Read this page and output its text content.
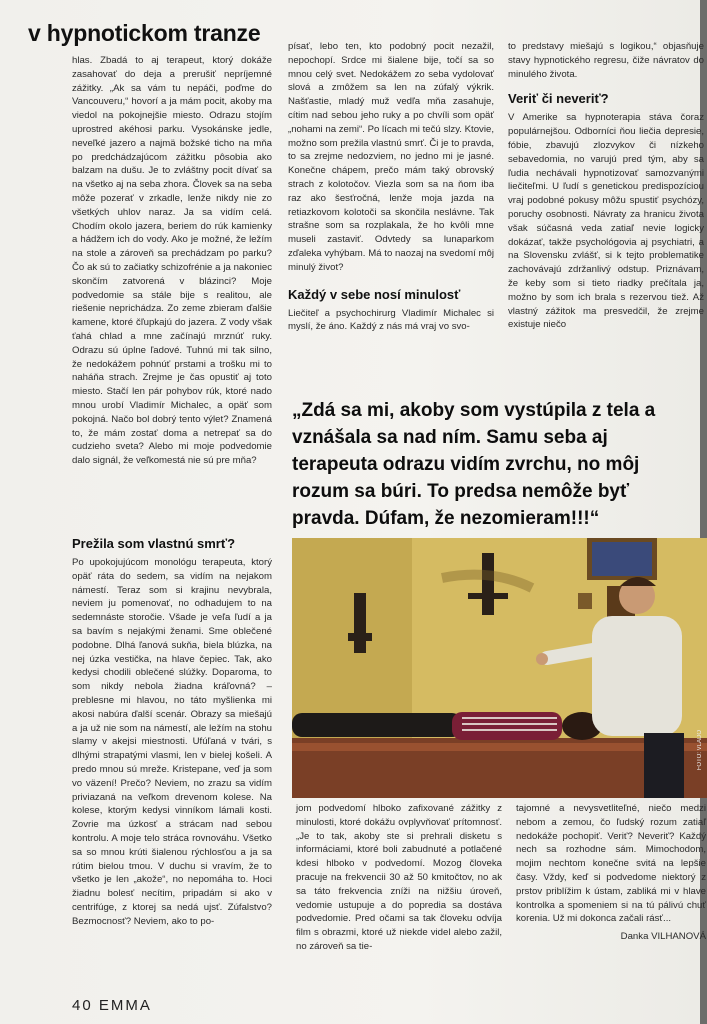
v hypnotickom tranze

hlas. Zbadá to aj terapeut, ktorý dokáže zasahovať do deja a prerušiť nepríjemné zážitky. „Ak sa vám tu nepáči, poďme do Vancouveru,“ hovorí a ja mám pocit, akoby ma viedol na pokojnejšie miesto. Odrazu stojím uprostred akéhosi parku. Vysokánske jedle, neveľké jazero a najmä božské ticho na mňa po predchádzajúcom zážitku pôsobia ako balzam na dušu. Je to zvláštny pocit dívať sa na všetko aj na seba zhora. Človek sa na seba môže pozerať v zrkadle, lenže nikdy nie zo všetkých uhlov naraz. Ja sa vidím celá. Chodím okolo jazera, beriem do rúk kamienky a hádžem ich do vody. Ako je možné, že ležím na stole a zároveň sa prechádzam po parku? Čo ak sú to začiatky schizofrénie a ja nakoniec skončím zatvorená v blázinci? Moje podvedomie sa stále bije s realitou, ale riešenie neprichádza. Zo zeme zbieram ďalšie kamene, ktoré čľupkajú do jazera. Z vody však ťahá chlad a mne začínajú mrznúť ruky. Odrazu sú úplne ľadové. Tuhnú mi tak silno, že nedokážem pohnúť prstami a trošku mi to naháňa strach. Zrejme je čas opustiť aj toto miesto. Stačí len pár pohybov rúk, ktoré nado mnou urobí Vladimír Michalec, a opäť som pokojná. Načo bol dobrý tento výlet? Znamená to, že mám zostať doma a netrepať sa do cudzieho sveta? Alebo mi moje podvedomie dalo signál, že veľkomestá nie sú pre mňa?

Prežila som vlastnú smrť?

Po upokojujúcom monológu terapeuta, ktorý opäť ráta do sedem, sa vidím na nejakom námestí. Teraz som si krajinu nevybrala, neviem ju pomenovať, no odhadujem to na sedemnáste storočie. Všade je veľa ľudí a ja sa bavím s nejakými ženami. Sme oblečené podobne. Dlhá ľanová sukňa, biela blúzka, na nej úzka vestička, na hlave čepiec. Tak, ako kedysi chodili oblečené slúžky. Doparoma, to som nikdy nebola žiadna kráľovná? – preblesne mi hlavou, no táto myšlienka mi akosi nabúra ďalší scenár. Obrazy sa miešajú a ja už nie som na námestí, ale ležím na stohu slamy v akejsi miestnosti. Ufúľaná v tvári, s dlhými strapatými vlasmi, len v bielej košeli. A predo mnou sú mreže. Kristepane, veď ja som vo väzení! Prečo? Neviem, no zrazu sa vidím priviazaná na veľkom drevenom kolese. Na kolese, ktorým kedysi vinníkom lámali kosti. Zovrie ma úzkosť a strácam nad sebou kontrolu. A moje telo stráca rovnováhu. Všetko sa so mnou krúti šialenou rýchlosťou a ja sa rútim bielou tmou. V duchu si vravím, že to všetko je len „akože“, no nepomáha to. Hoci žiadnu bolesť necítim, pripadám si ako v centrifúge, z ktorej sa nedá ujsť. Zúfalstvo? Bezmocnosť? Neviem, ako to po-

písať, lebo ten, kto podobný pocit nezažil, nepochopí. Srdce mi šialene bije, točí sa so mnou celý svet. Nedokážem zo seba vydolovať slová a zmôžem sa len na zúfalý výkrik. Našťastie, mladý muž vedľa mňa zasahuje, cítim nad sebou jeho ruky a po chvíli som opäť „nohami na zemi“. Po lícach mi tečú slzy. Ktovie, možno som prežila vlastnú smrť. Či je to pravda, to sa zrejme nedozviem, no jedno mi je jasné. Konečne chápem, prečo mám taký obrovský strach z kolotočov. Viezla som sa na ňom iba raz ako šesťročná, lenže moja jazda na retiazkovom kolotoči sa skončila neslávne. Tak strašne som sa rozplakala, že ho kvôli mne museli zastaviť. Odvtedy sa lunaparkom zďaleka vyhýbam. Má to naozaj na svedomí môj minulý život?

Každý v sebe nosí minulosť

Liečiteľ a psychochirurg Vladimír Michalec si myslí, že áno. Každý z nás má vraj vo svo-

to predstavy miešajú s logikou,“ objasňuje stavy hypnotického regresu, čiže návratov do minulého života.

Veriť či neveriť?

V Amerike sa hypnoterapia stáva čoraz populárnejšou. Odborníci ňou liečia depresie, fóbie, zbavujú zlozvykov či nízkeho sebavedomia, no varujú pred tým, aby sa ľudia nechávali hypnotizovať samozvanými liečiteľmi. U ľudí s genetickou predispozíciou vraj podobné pokusy môžu spustiť psychózy, poruchy osobnosti. Návraty za hranicu života však súčasná veda zatiaľ nevie logicky dokázať, takže psychológovia aj psychiatri, a na Slovensku zvlášť, si k tejto problematike zachovávajú zdržanlivý odstup. Priznávam, že keby som si tieto riadky prečítala ja, možno by som ich brala s rezervou tiež. Až vlastný zážitok ma presvedčil, že zrejme existuje niečo

„Zdá sa mi, akoby som vystúpila z tela a vznášala sa nad ním. Samu seba aj terapeuta odrazu vidím zvrchu, no môj rozum sa búri. To predsa nemôže byť pravda. Dúfam, že nezomieram!!!“
FOTO: VLADO

jom podvedomí hlboko zafixované zážitky z minulosti, ktoré dokážu ovplyvňovať prítomnosť. „Je to tak, akoby ste si prehrali disketu s informáciami, ktoré boli zabudnuté a potlačené kdesi hlboko v podvedomí. Mozog človeka pracuje na frekvencii 30 až 50 kmitočtov, no ak sa táto frekvencia zníži na nižšiu úroveň, vedomie ustupuje a do popredia sa dostáva podvedomie. Pred očami sa tak človeku odvíja film s obrazmi, ktoré už niekde videl alebo zažil, no zároveň sa tie-

tajomné a nevysvetliteľné, niečo medzi nebom a zemou, čo ľudský rozum zatiaľ nedokáže pochopiť. Veriť? Neveriť? Každý nech sa rozhodne sám. Mimochodom, mojim nechtom konečne svitá na lepšie časy. Vždy, keď si podvedome niektorý z prstov priblížim k ústam, zabliká mi v hlave kontrolka a spomeniem si na tú pálivú chuť korenia. Už mi dokonca začali rásť...

Danka VILHANOVÁ
40 EMMA
